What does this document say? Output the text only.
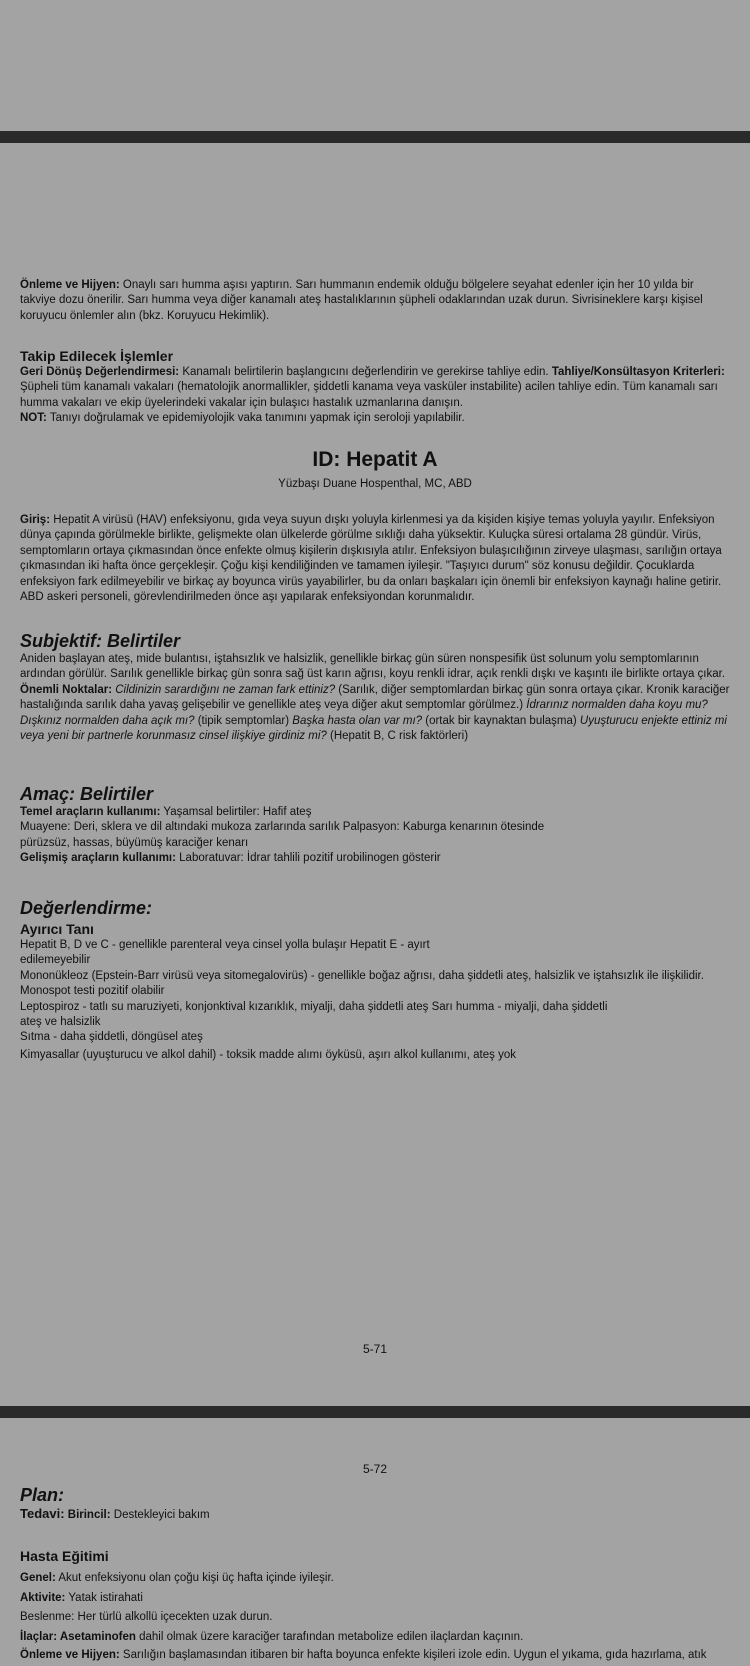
Önleme ve Hijyen: Onaylı sarı humma aşısı yaptırın. Sarı hummanın endemik olduğu bölgelere seyahat edenler için her 10 yılda bir takviye dozu önerilir. Sarı humma veya diğer kanamalı ateş hastalıklarının şüpheli odaklarından uzak durun. Sivrisineklere karşı kişisel koruyucu önlemler alın (bkz. Koruyucu Hekimlik).
Takip Edilecek İşlemler

Geri Dönüş Değerlendirmesi: Kanamalı belirtilerin başlangıcını değerlendirin ve gerekirse tahliye edin. Tahliye/Konsültasyon Kriterleri: Şüpheli tüm kanamalı vakaları (hematolojik anormallikler, şiddetli kanama veya vasküler instabilite) acilen tahliye edin. Tüm kanamalı sarı humma vakaları ve ekip üyelerindeki vakalar için bulaşıcı hastalık uzmanlarına danışın.

NOT: Tanıyı doğrulamak ve epidemiyolojik vaka tanımını yapmak için seroloji yapılabilir.

ID: Hepatit A
Yüzbaşı Duane Hospenthal, MC, ABD
Giriş: Hepatit A virüsü (HAV) enfeksiyonu, gıda veya suyun dışkı yoluyla kirlenmesi ya da kişiden kişiye temas yoluyla yayılır. Enfeksiyon dünya çapında görülmekle birlikte, gelişmekte olan ülkelerde görülme sıklığı daha yüksektir. Kuluçka süresi ortalama 28 gündür. Virüs, semptomların ortaya çıkmasından önce enfekte olmuş kişilerin dışkısıyla atılır. Enfeksiyon bulaşıcılığının zirveye ulaşması, sarılığın ortaya çıkmasından iki hafta önce gerçekleşir. Çoğu kişi kendiliğinden ve tamamen iyileşir. "Taşıyıcı durum" söz konusu değildir. Çocuklarda enfeksiyon fark edilmeyebilir ve birkaç ay boyunca virüs yayabilirler, bu da onları başkaları için önemli bir enfeksiyon kaynağı haline getirir. ABD askeri personeli, görevlendirilmeden önce aşı yapılarak enfeksiyondan korunmalıdır.
Subjektif: Belirtiler

Aniden başlayan ateş, mide bulantısı, iştahsızlık ve halsizlik, genellikle birkaç gün süren nonspesifik üst solunum yolu semptomlarının ardından görülür. Sarılık genellikle birkaç gün sonra sağ üst karın ağrısı, koyu renkli idrar, açık renkli dışkı ve kaşıntı ile birlikte ortaya çıkar.

Önemli Noktalar: Cildinizin sarardığını ne zaman fark ettiniz? (Sarılık, diğer semptomlardan birkaç gün sonra ortaya çıkar. Kronik karaciğer hastalığında sarılık daha yavaş gelişebilir ve genellikle ateş veya diğer akut semptomlar görülmez.) İdrarınız normalden daha koyu mu? Dışkınız normalden daha açık mı? (tipik semptomlar) Başka hasta olan var mı? (ortak bir kaynaktan bulaşma) Uyuşturucu enjekte ettiniz mi veya yeni bir partnerle korunmasız cinsel ilişkiye girdiniz mi? (Hepatit B, C risk faktörleri)

Amaç: Belirtiler

Temel araçların kullanımı: Yaşamsal belirtiler: Hafif ateş

Muayene: Deri, sklera ve dil altındaki mukoza zarlarında sarılık Palpasyon: Kaburga kenarının ötesinde

pürüzsüz, hassas, büyümüş karaciğer kenarı

Gelişmiş araçların kullanımı: Laboratuvar: İdrar tahlili pozitif urobilinogen gösterir

Değerlendirme:
Ayırıcı Tanı

Hepatit B, D ve C - genellikle parenteral veya cinsel yolla bulaşır Hepatit E - ayırt

edilemeyebilir

Mononükleoz (Epstein-Barr virüsü veya sitomegalovirüs) - genellikle boğaz ağrısı, daha şiddetli ateş, halsizlik ve iştahsızlık ile ilişkilidir.

Monospot testi pozitif olabilir

Leptospiroz - tatlı su maruziyeti, konjonktival kızarıklık, miyalji, daha şiddetli ateş Sarı humma - miyalji, daha şiddetli

ateş ve halsizlik

Sıtma - daha şiddetli, döngüsel ateş

Kimyasallar (uyuşturucu ve alkol dahil) - toksik madde alımı öyküsü, aşırı alkol kullanımı, ateş yok

5-71
5-72
Plan:

Tedavi: Birincil: Destekleyici bakım

Hasta Eğitimi

Genel: Akut enfeksiyonu olan çoğu kişi üç hafta içinde iyileşir.

Aktivite: Yatak istirahati

Beslenme: Her türlü alkollü içecekten uzak durun.

İlaçlar: Asetaminofen dahil olmak üzere karaciğer tarafından metabolize edilen ilaçlardan kaçının.

Önleme ve Hijyen: Sarılığın başlamasından itibaren bir hafta boyunca enfekte kişileri izole edin. Uygun el yıkama, gıda hazırlama, atık
